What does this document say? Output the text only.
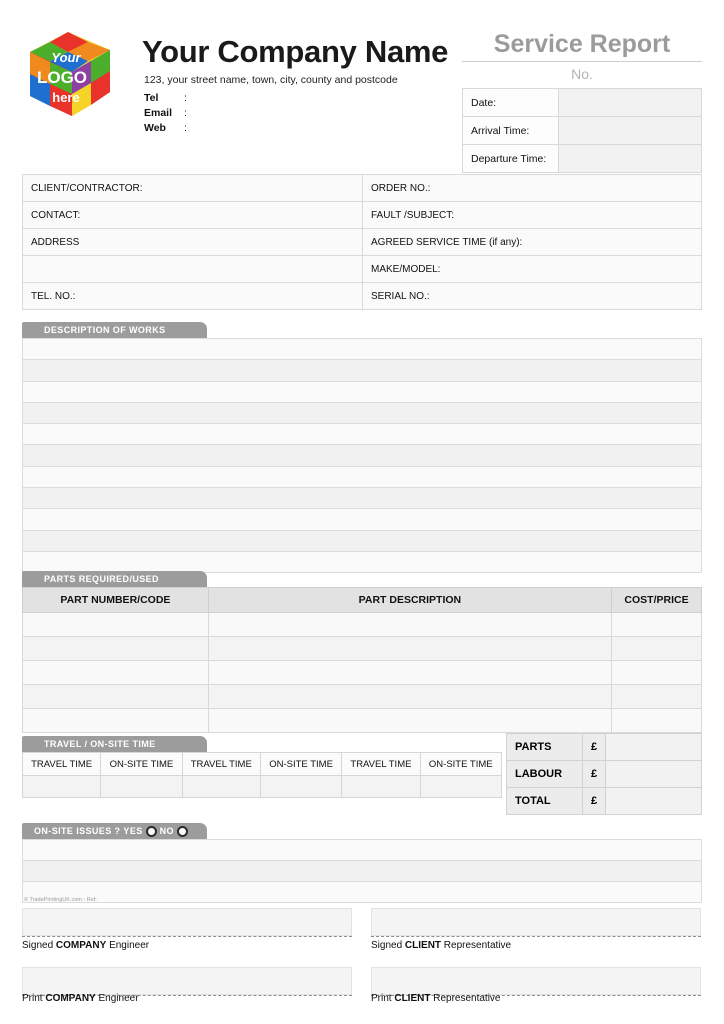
Your
LOGO
here
Your Company Name
123, your street name, town, city, county and postcode
Tel	:
Email	:
Web	:
Service Report
No.
Date:	
Arrival Time:	
Departure Time:	
CLIENT/CONTRACTOR:	ORDER NO.:
CONTACT:	FAULT /SUBJECT:
ADDRESS	AGREED SERVICE TIME (if any):
	MAKE/MODEL:
TEL. NO.:	SERIAL NO.:
DESCRIPTION OF WORKS

PARTS REQUIRED/USED
PART NUMBER/CODE	PART DESCRIPTION	COST/PRICE

TRAVEL / ON-SITE TIME
TRAVEL TIME	ON-SITE TIME	TRAVEL TIME	ON-SITE TIME	TRAVEL TIME	ON-SITE TIME

PARTS	£	
LABOUR	£	
TOTAL	£	
ON-SITE ISSUES ? YES NO

© TradePrintingUK.com - Ref:
Signed COMPANY Engineer	Signed CLIENT Representative
Print COMPANY Engineer	Print CLIENT Representative
